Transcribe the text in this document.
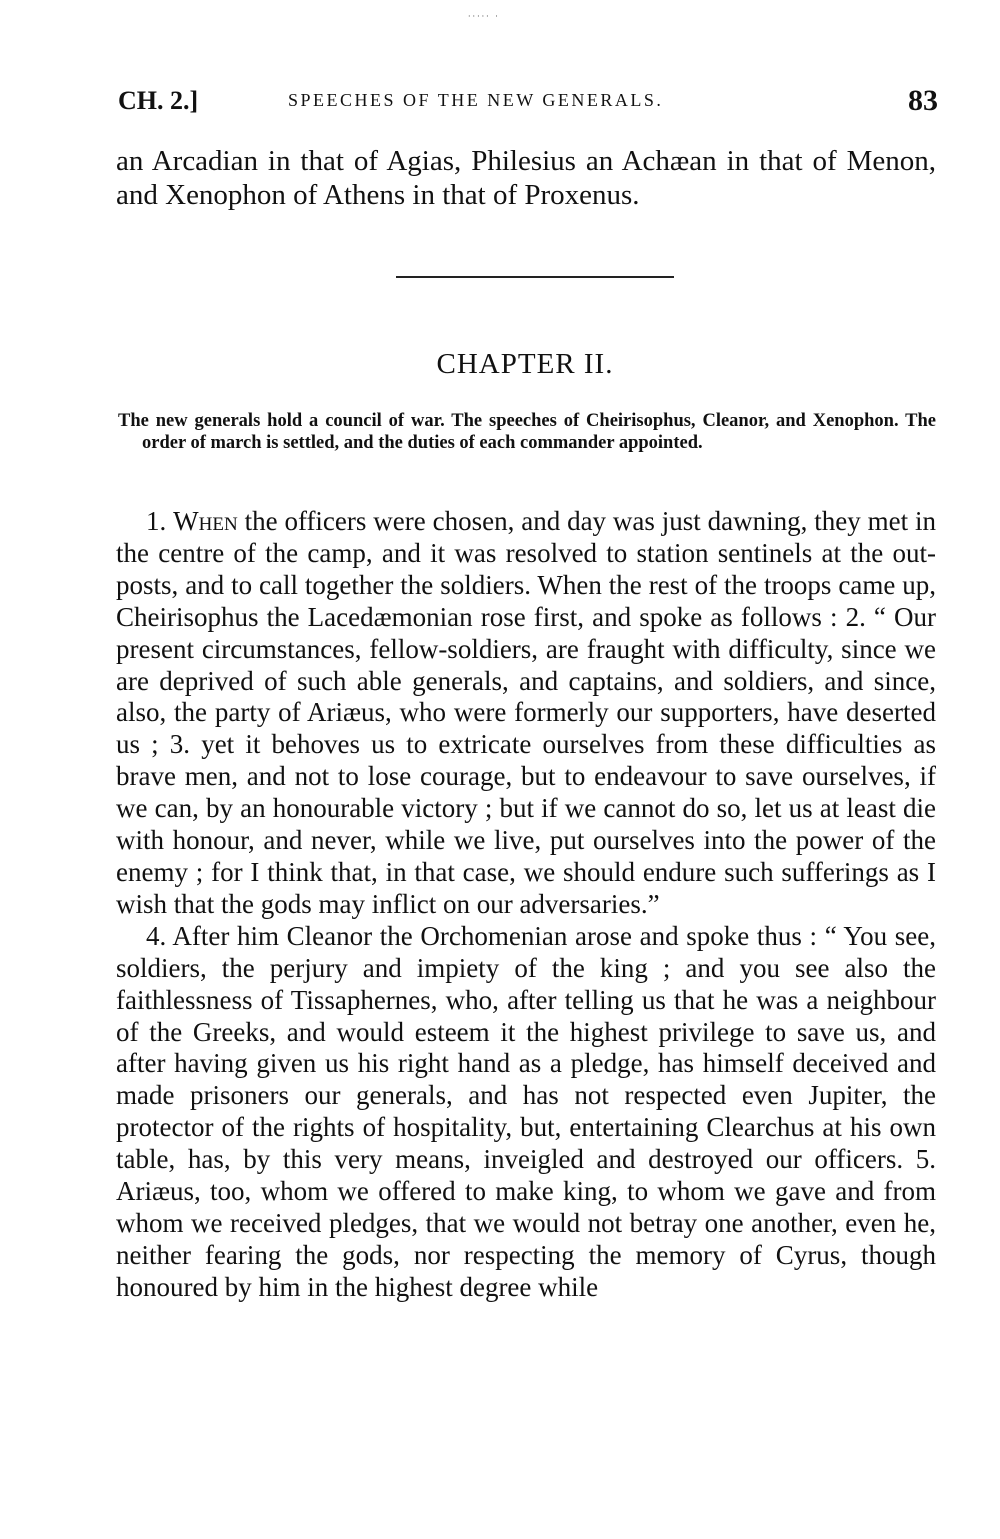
····· ·
CH. 2.]	SPEECHES OF THE NEW GENERALS.	83

an Arcadian in that of Agias, Philesius an Achæan in that of Menon, and Xenophon of Athens in that of Proxenus.

CHAPTER II.
The new generals hold a council of war. The speeches of Cheirisophus, Cleanor, and Xenophon. The order of march is settled, and the duties of each commander appointed.

1. When the officers were chosen, and day was just dawning, they met in the centre of the camp, and it was resolved to station sentinels at the out-posts, and to call together the soldiers. When the rest of the troops came up, Cheirisophus the Lacedæmonian rose first, and spoke as follows : 2. “ Our present circumstances, fellow-soldiers, are fraught with difficulty, since we are deprived of such able generals, and captains, and soldiers, and since, also, the party of Ariæus, who were formerly our supporters, have deserted us ; 3. yet it behoves us to extricate ourselves from these difficulties as brave men, and not to lose courage, but to endeavour to save ourselves, if we can, by an honourable victory ; but if we cannot do so, let us at least die with honour, and never, while we live, put ourselves into the power of the enemy ; for I think that, in that case, we should endure such sufferings as I wish that the gods may inflict on our adversaries.”

4. After him Cleanor the Orchomenian arose and spoke thus : “ You see, soldiers, the perjury and impiety of the king ; and you see also the faithlessness of Tissaphernes, who, after telling us that he was a neighbour of the Greeks, and would esteem it the highest privilege to save us, and after having given us his right hand as a pledge, has himself deceived and made prisoners our generals, and has not respected even Jupiter, the protector of the rights of hospitality, but, entertaining Clearchus at his own table, has, by this very means, inveigled and destroyed our officers. 5. Ariæus, too, whom we offered to make king, to whom we gave and from whom we received pledges, that we would not betray one another, even he, neither fearing the gods, nor respecting the memory of Cyrus, though honoured by him in the highest degree while
